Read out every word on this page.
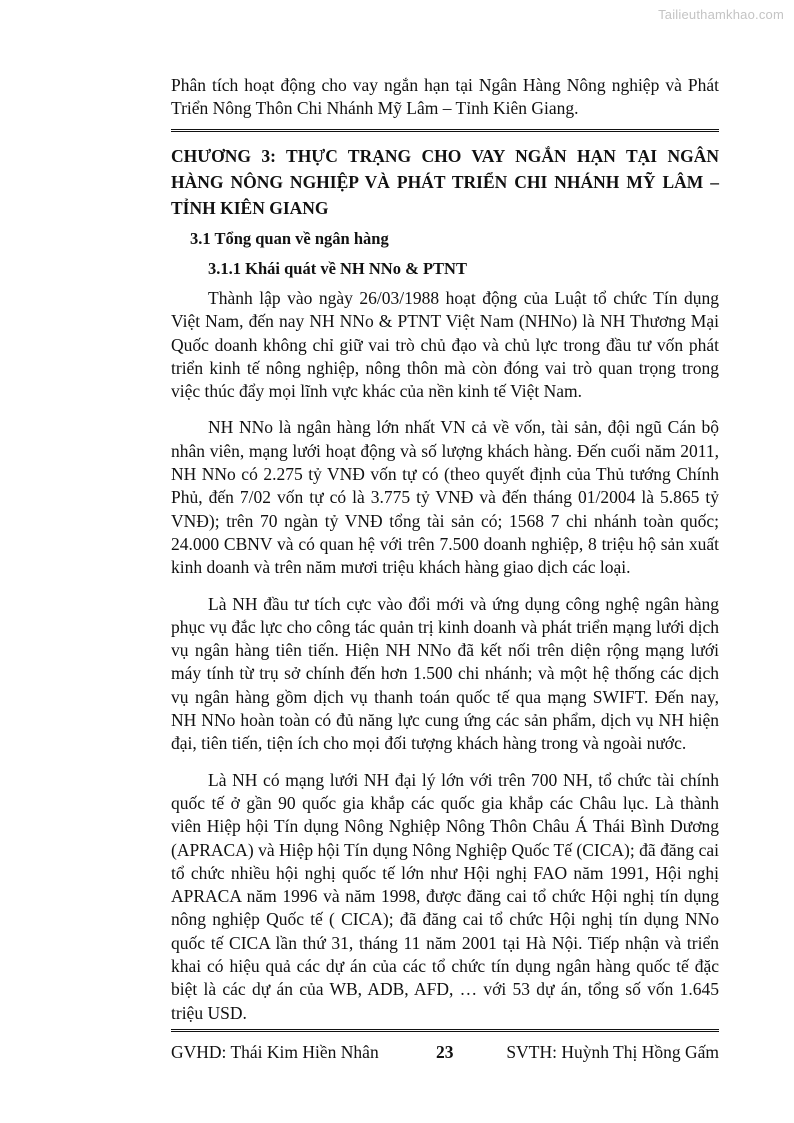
Tailieuthamkhao.com
Phân tích hoạt động cho vay ngắn hạn tại Ngân Hàng Nông nghiệp và Phát Triển Nông Thôn Chi Nhánh Mỹ Lâm – Tỉnh Kiên Giang.
CHƯƠNG 3: THỰC TRẠNG CHO VAY NGẮN HẠN TẠI NGÂN HÀNG NÔNG NGHIỆP VÀ PHÁT TRIỂN CHI NHÁNH MỸ LÂM – TỈNH KIÊN GIANG
3.1 Tổng quan về ngân hàng
3.1.1 Khái quát về NH NNo & PTNT

Thành lập vào ngày 26/03/1988 hoạt động của Luật tổ chức Tín dụng Việt Nam, đến nay NH NNo & PTNT Việt Nam (NHNo) là NH Thương Mại Quốc doanh không chỉ giữ vai trò chủ đạo và chủ lực trong đầu tư vốn phát triển kinh tế nông nghiệp, nông thôn mà còn đóng vai trò quan trọng trong việc thúc đẩy mọi lĩnh vực khác của nền kinh tế Việt Nam.

NH NNo là ngân hàng lớn nhất VN cả về vốn, tài sản, đội ngũ Cán bộ nhân viên, mạng lưới hoạt động và số lượng khách hàng. Đến cuối năm 2011, NH NNo có 2.275 tỷ VNĐ vốn tự có (theo quyết định của Thủ tướng Chính Phủ, đến 7/02 vốn tự có là 3.775 tỷ VNĐ và đến tháng 01/2004 là 5.865 tỷ VNĐ); trên 70 ngàn tỷ VNĐ tổng tài sản có; 1568 7 chi nhánh toàn quốc; 24.000 CBNV và có quan hệ với trên 7.500 doanh nghiệp, 8 triệu hộ sản xuất kinh doanh và trên năm mươi triệu khách hàng giao dịch các loại.

Là NH đầu tư tích cực vào đổi mới và ứng dụng công nghệ ngân hàng phục vụ đắc lực cho công tác quản trị kinh doanh và phát triển mạng lưới dịch vụ ngân hàng tiên tiến. Hiện NH NNo đã kết nối trên diện rộng mạng lưới máy tính từ trụ sở chính đến hơn 1.500 chi nhánh; và một hệ thống các dịch vụ ngân hàng gồm dịch vụ thanh toán quốc tế qua mạng SWIFT. Đến nay, NH NNo hoàn toàn có đủ năng lực cung ứng các sản phẩm, dịch vụ NH hiện đại, tiên tiến, tiện ích cho mọi đối tượng khách hàng trong và ngoài nước.

Là NH có mạng lưới NH đại lý lớn với trên 700 NH, tổ chức tài chính quốc tế ở gần 90 quốc gia khắp các quốc gia khắp các Châu lục. Là thành viên Hiệp hội Tín dụng Nông Nghiệp Nông Thôn Châu Á Thái Bình Dương (APRACA) và Hiệp hội Tín dụng Nông Nghiệp Quốc Tế (CICA); đã đăng cai tổ chức nhiều hội nghị quốc tế lớn như Hội nghị FAO năm 1991, Hội nghị APRACA năm 1996 và năm 1998, được đăng cai tổ chức Hội nghị tín dụng nông nghiệp Quốc tế ( CICA); đã đăng cai tổ chức Hội nghị tín dụng NNo quốc tế CICA lần thứ 31, tháng 11 năm 2001 tại Hà Nội. Tiếp nhận và triển khai có hiệu quả các dự án của các tổ chức tín dụng ngân hàng quốc tế đặc biệt là các dự án của WB, ADB, AFD, … với 53 dự án, tổng số vốn 1.645 triệu USD.

GVHD: Thái Kim Hiền Nhân	23	SVTH: Huỳnh Thị Hồng Gấm
